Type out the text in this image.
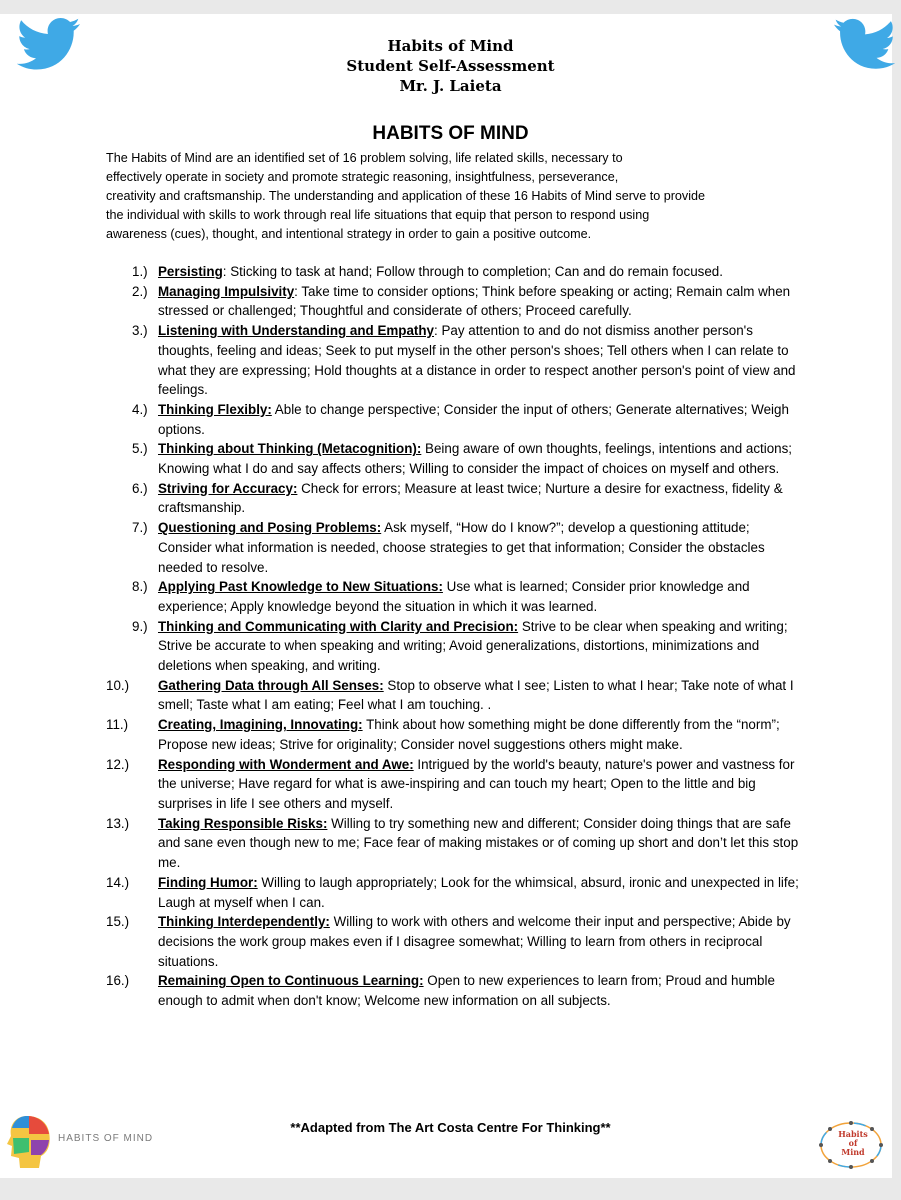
Habits of Mind
Student Self-Assessment
Mr. J. Laieta
HABITS OF MIND
The Habits of Mind are an identified set of 16 problem solving, life related skills, necessary to
effectively operate in society and promote strategic reasoning, insightfulness, perseverance,
creativity and craftsmanship. The understanding and application of these 16 Habits of Mind serve to provide
the individual with skills to work through real life situations that equip that person to respond using
awareness (cues), thought, and intentional strategy in order to gain a positive outcome.
1.) Persisting: Sticking to task at hand; Follow through to completion; Can and do remain focused.
2.) Managing Impulsivity: Take time to consider options; Think before speaking or acting; Remain calm when stressed or challenged; Thoughtful and considerate of others; Proceed carefully.
3.) Listening with Understanding and Empathy: Pay attention to and do not dismiss another person's thoughts, feeling and ideas; Seek to put myself in the other person's shoes; Tell others when I can relate to what they are expressing; Hold thoughts at a distance in order to respect another person's point of view and feelings.
4.) Thinking Flexibly: Able to change perspective; Consider the input of others; Generate alternatives; Weigh options.
5.) Thinking about Thinking (Metacognition): Being aware of own thoughts, feelings, intentions and actions; Knowing what I do and say affects others; Willing to consider the impact of choices on myself and others.
6.) Striving for Accuracy: Check for errors; Measure at least twice; Nurture a desire for exactness, fidelity & craftsmanship.
7.) Questioning and Posing Problems: Ask myself, “How do I know?”; develop a questioning attitude; Consider what information is needed, choose strategies to get that information; Consider the obstacles needed to resolve.
8.) Applying Past Knowledge to New Situations: Use what is learned; Consider prior knowledge and experience; Apply knowledge beyond the situation in which it was learned.
9.) Thinking and Communicating with Clarity and Precision: Strive to be clear when speaking and writing; Strive be accurate to when speaking and writing; Avoid generalizations, distortions, minimizations and deletions when speaking, and writing.
10.)	Gathering Data through All Senses: Stop to observe what I see; Listen to what I hear; Take note of what I smell; Taste what I am eating; Feel what I am touching. .
11.)	Creating, Imagining, Innovating: Think about how something might be done differently from the “norm”; Propose new ideas; Strive for originality; Consider novel suggestions others might make.
12.)	Responding with Wonderment and Awe: Intrigued by the world's beauty, nature's power and vastness for the universe; Have regard for what is awe-inspiring and can touch my heart; Open to the little and big surprises in life I see others and myself.
13.)	Taking Responsible Risks: Willing to try something new and different; Consider doing things that are safe and sane even though new to me; Face fear of making mistakes or of coming up short and don’t let this stop me.
14.)	Finding Humor: Willing to laugh appropriately; Look for the whimsical, absurd, ironic and unexpected in life; Laugh at myself when I can.
15.)	Thinking Interdependently: Willing to work with others and welcome their input and perspective; Abide by decisions the work group makes even if I disagree somewhat; Willing to learn from others in reciprocal situations.
16.)	Remaining Open to Continuous Learning: Open to new experiences to learn from; Proud and humble enough to admit when don't know; Welcome new information on all subjects.
**Adapted from The Art Costa Centre For Thinking**
HABITS OF MIND	Habits of Mind
